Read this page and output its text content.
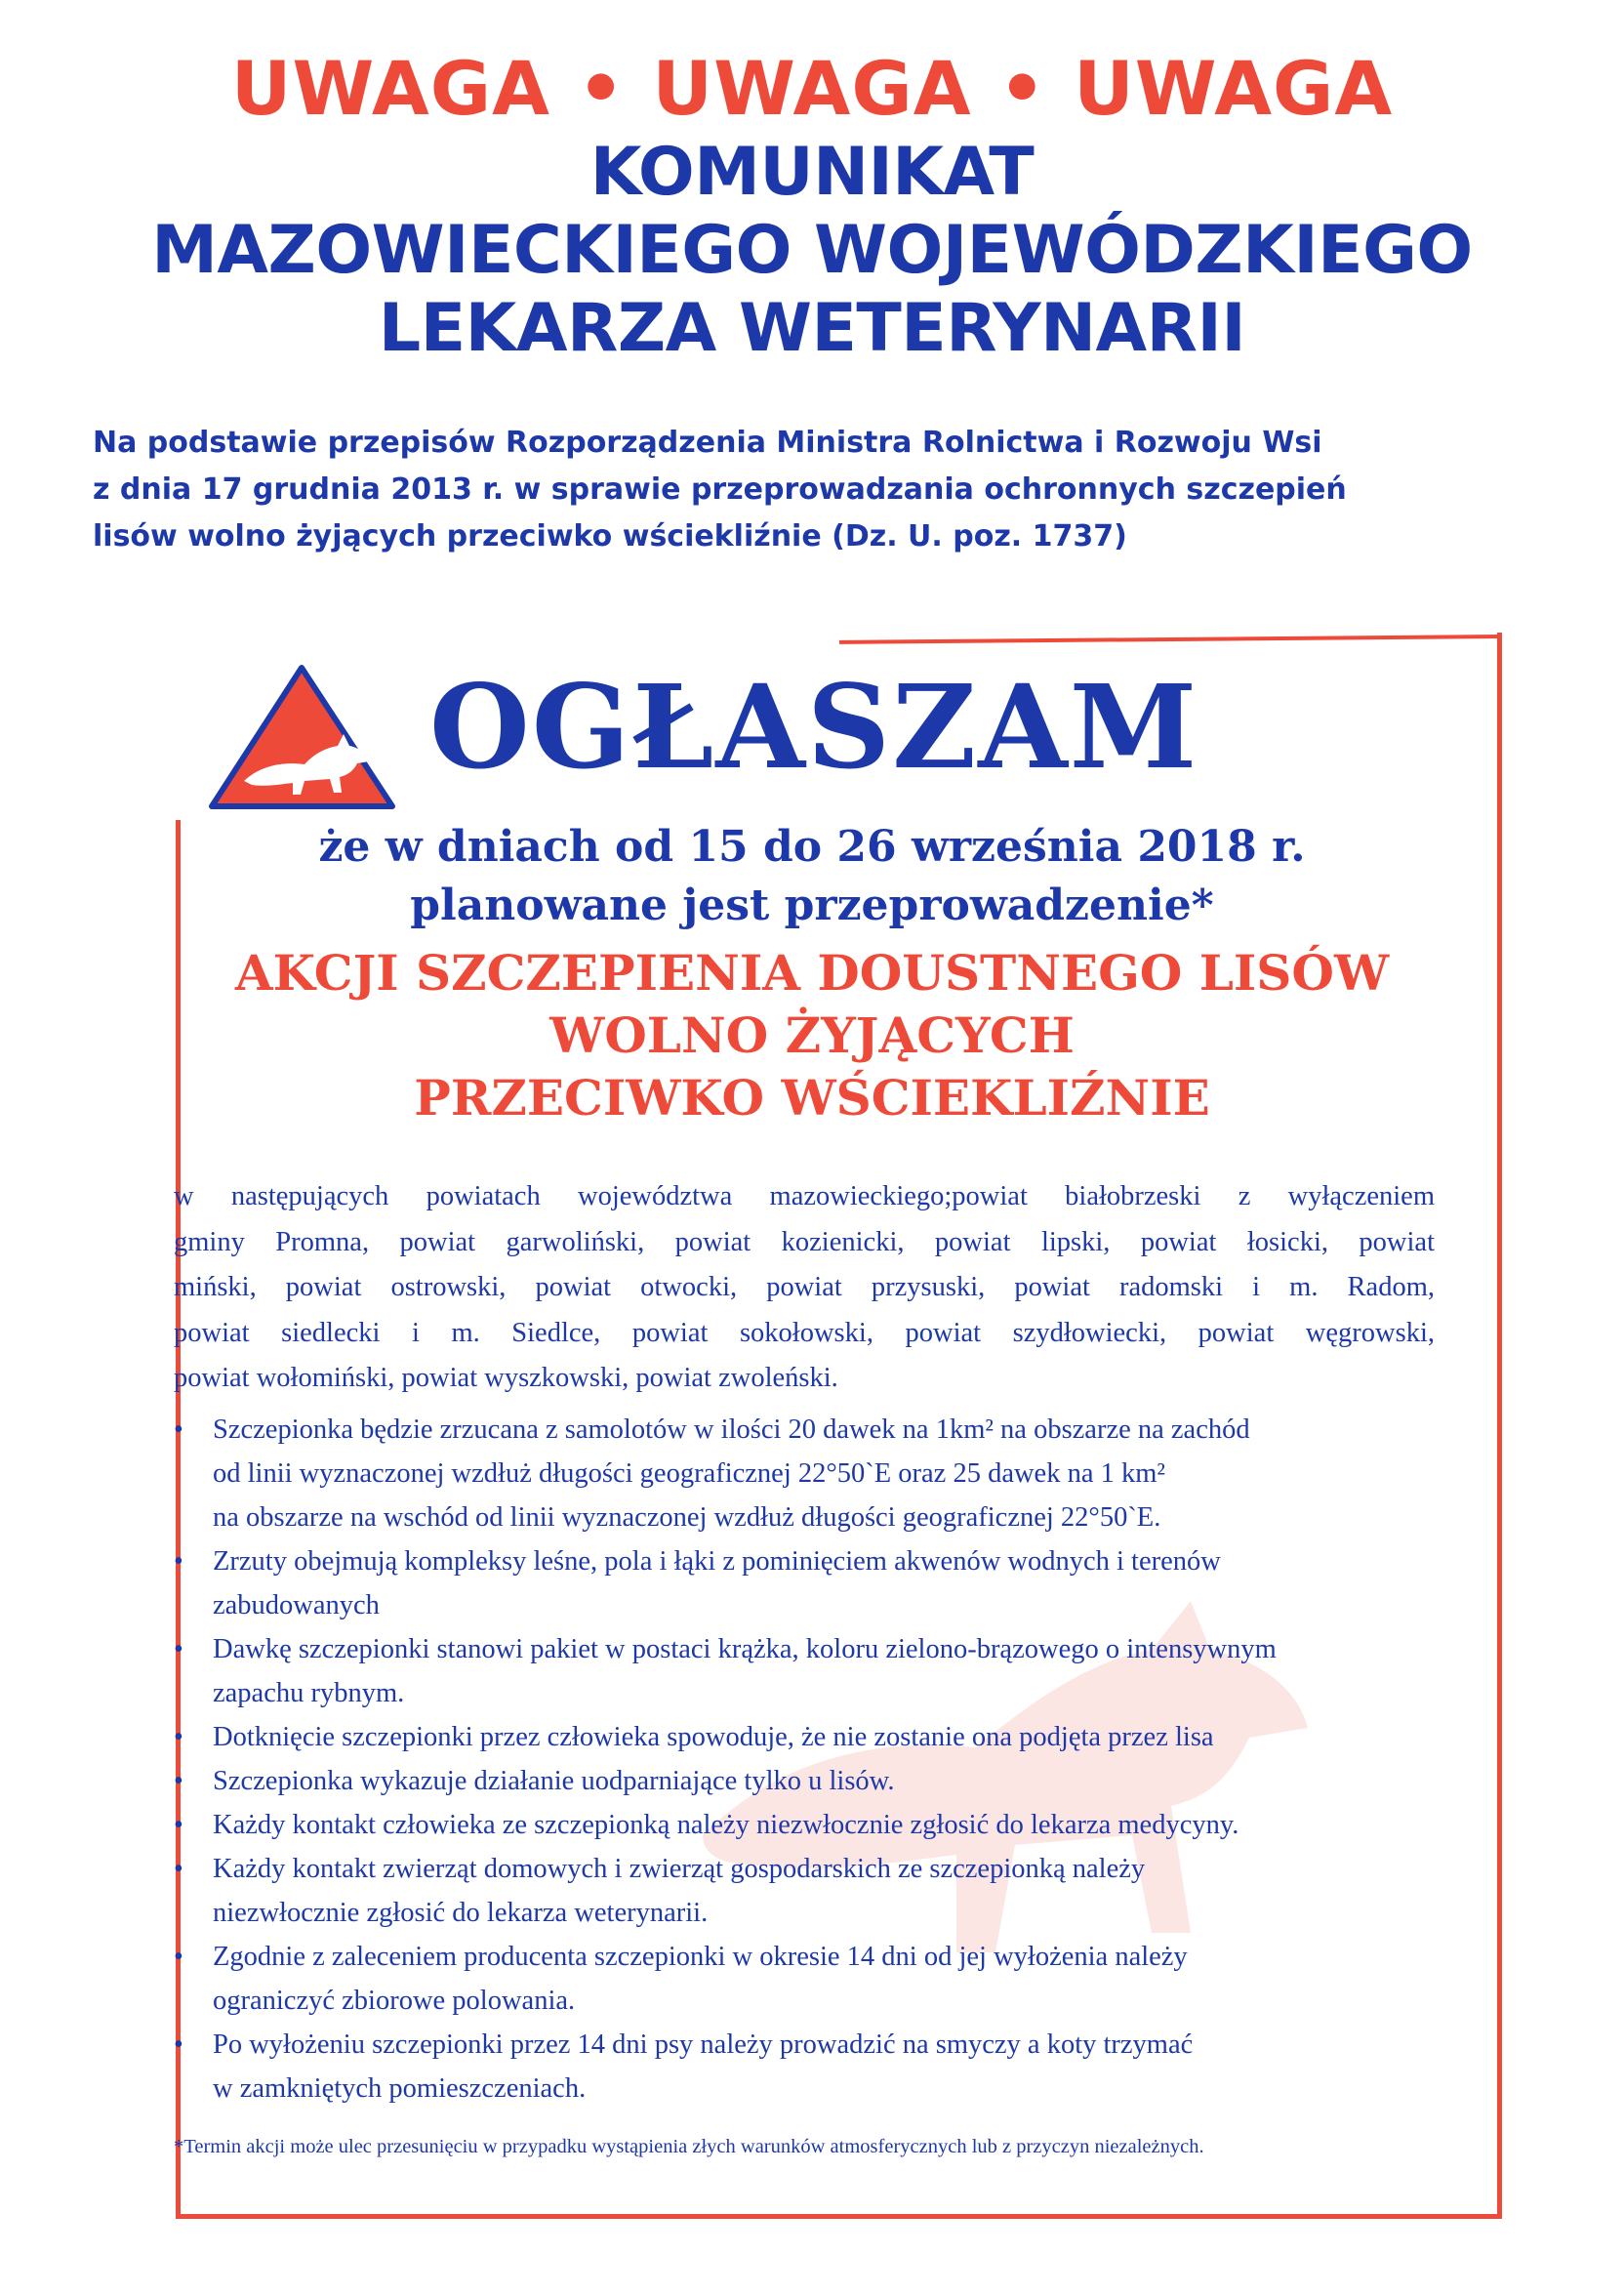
UWAGA • UWAGA • UWAGA
KOMUNIKAT
MAZOWIECKIEGO WOJEWÓDZKIEGO
LEKARZA WETERYNARII
Na podstawie przepisów Rozporządzenia Ministra Rolnictwa i Rozwoju Wsi
z dnia 17 grudnia 2013 r. w sprawie przeprowadzania ochronnych szczepień
lisów wolno żyjących przeciwko wściekliźnie (Dz. U. poz. 1737)
OGŁASZAM
że w dniach od 15 do 26 września 2018 r.
planowane jest przeprowadzenie*
AKCJI SZCZEPIENIA DOUSTNEGO LISÓW
WOLNO ŻYJĄCYCH
PRZECIWKO WŚCIEKLIŹNIE
w następujących powiatach województwa mazowieckiego;powiat białobrzeski z wyłączeniem
gminy Promna, powiat garwoliński, powiat kozienicki, powiat lipski, powiat łosicki, powiat
miński, powiat ostrowski, powiat otwocki, powiat przysuski, powiat radomski i m. Radom,
powiat siedlecki i m. Siedlce, powiat sokołowski, powiat szydłowiecki, powiat węgrowski,
powiat wołomiński, powiat wyszkowski, powiat zwoleński.
• Szczepionka będzie zrzucana z samolotów w ilości 20 dawek na 1km² na obszarze na zachód
od linii wyznaczonej wzdłuż długości geograficznej 22°50`E oraz 25 dawek na 1 km²
na obszarze na wschód od linii wyznaczonej wzdłuż długości geograficznej 22°50`E.
• Zrzuty obejmują kompleksy leśne, pola i łąki z pominięciem akwenów wodnych i terenów
zabudowanych
• Dawkę szczepionki stanowi pakiet w postaci krążka, koloru zielono-brązowego o intensywnym
zapachu rybnym.
• Dotknięcie szczepionki przez człowieka spowoduje, że nie zostanie ona podjęta przez lisa
• Szczepionka wykazuje działanie uodparniające tylko u lisów.
• Każdy kontakt człowieka ze szczepionką należy niezwłocznie zgłosić do lekarza medycyny.
• Każdy kontakt zwierząt domowych i zwierząt gospodarskich ze szczepionką należy
niezwłocznie zgłosić do lekarza weterynarii.
• Zgodnie z zaleceniem producenta szczepionki w okresie 14 dni od jej wyłożenia należy
ograniczyć zbiorowe polowania.
• Po wyłożeniu szczepionki przez 14 dni psy należy prowadzić na smyczy a koty trzymać
w zamkniętych pomieszczeniach.
*Termin akcji może ulec przesunięciu w przypadku wystąpienia złych warunków atmosferycznych lub z przyczyn niezależnych.
